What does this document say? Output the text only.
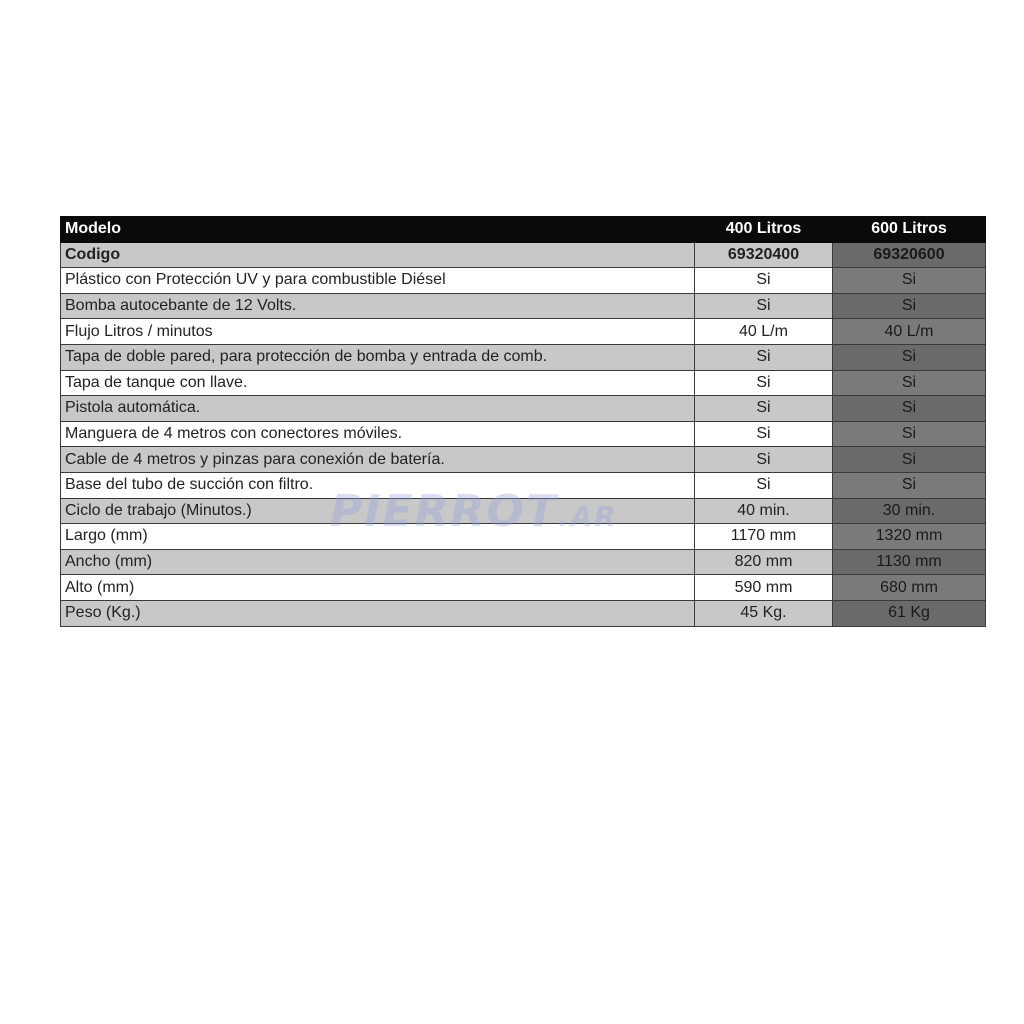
Modelo	400 Litros	600 Litros
Codigo	69320400	69320600
Plástico con Protección UV y para combustible Diésel	Si	Si
Bomba autocebante de 12 Volts.	Si	Si
Flujo Litros / minutos	40 L/m	40 L/m
Tapa de doble pared, para protección de bomba y entrada de comb.	Si	Si
Tapa de tanque con llave.	Si	Si
Pistola automática.	Si	Si
Manguera de 4 metros con conectores móviles.	Si	Si
Cable de 4 metros y pinzas para conexión de batería.	Si	Si
Base del tubo de succión con filtro.	Si	Si
Ciclo de trabajo (Minutos.)	40 min.	30 min.
Largo (mm)	1170 mm	1320 mm
Ancho (mm)	820 mm	1130 mm
Alto (mm)	590 mm	680 mm
Peso (Kg.)	45 Kg.	61 Kg
PIERROT.AR
